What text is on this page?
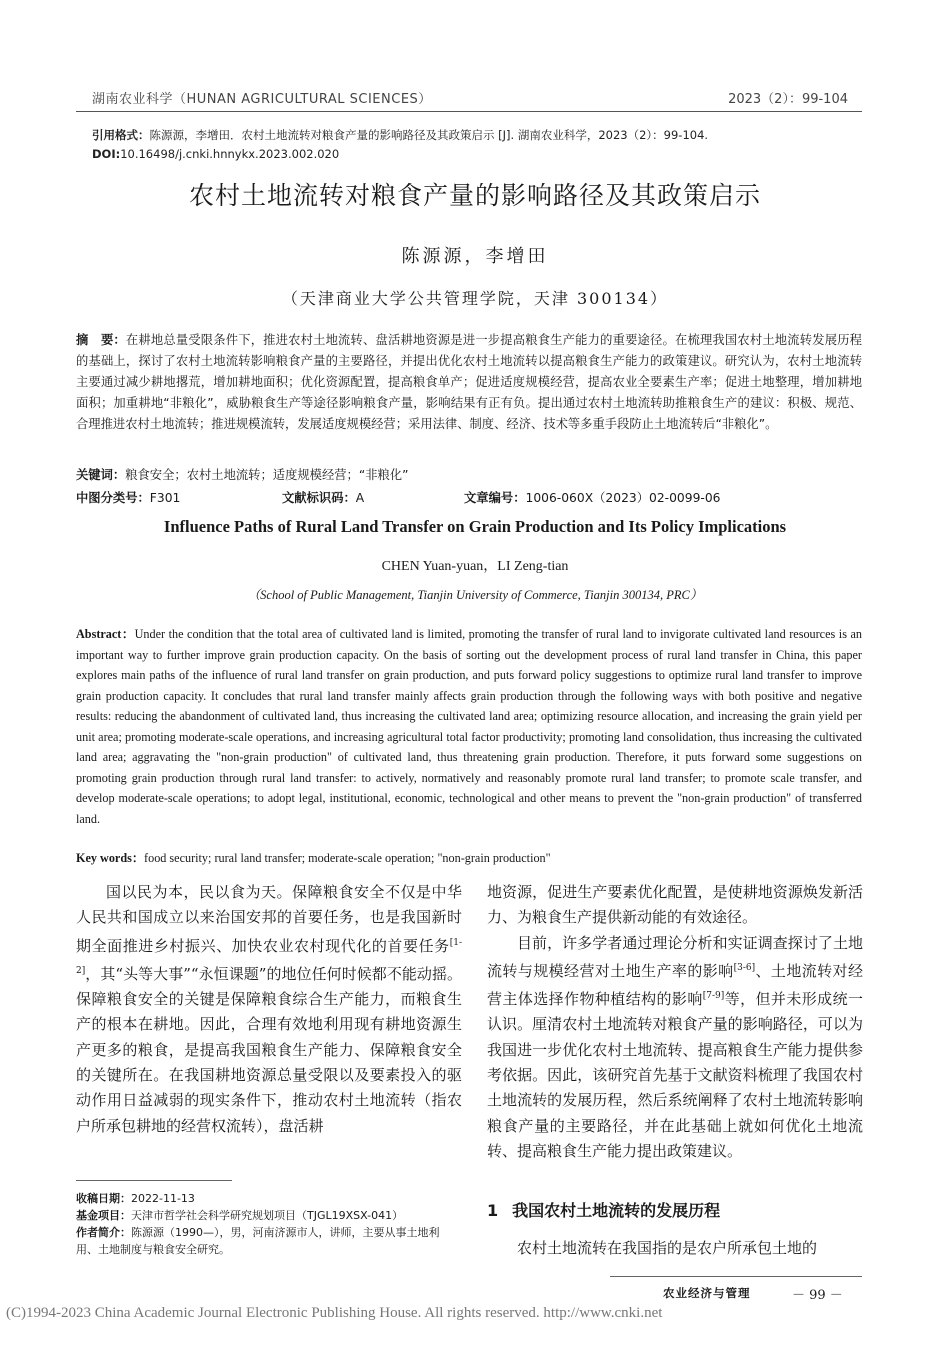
湖南农业科学（HUNAN AGRICULTURAL SCIENCES）	2023（2）：99-104
引用格式：陈源源，李增田．农村土地流转对粮食产量的影响路径及其政策启示 [J]. 湖南农业科学，2023（2）：99-104.
DOI:10.16498/j.cnki.hnnykx.2023.002.020
农村土地流转对粮食产量的影响路径及其政策启示
陈源源，李增田
（天津商业大学公共管理学院，天津 300134）
摘　要：在耕地总量受限条件下，推进农村土地流转、盘活耕地资源是进一步提高粮食生产能力的重要途径。在梳理我国农村土地流转发展历程的基础上，探讨了农村土地流转影响粮食产量的主要路径，并提出优化农村土地流转以提高粮食生产能力的政策建议。研究认为，农村土地流转主要通过减少耕地撂荒，增加耕地面积；优化资源配置，提高粮食单产；促进适度规模经营，提高农业全要素生产率；促进土地整理，增加耕地面积；加重耕地“非粮化”，威胁粮食生产等途径影响粮食产量，影响结果有正有负。提出通过农村土地流转助推粮食生产的建议：积极、规范、合理推进农村土地流转；推进规模流转，发展适度规模经营；采用法律、制度、经济、技术等多重手段防止土地流转后“非粮化”。
关键词：粮食安全；农村土地流转；适度规模经营；“非粮化”
中图分类号：F301	文献标识码：A	文章编号：1006-060X（2023）02-0099-06
Influence Paths of Rural Land Transfer on Grain Production and Its Policy Implications
CHEN Yuan-yuan，LI Zeng-tian
（School of Public Management, Tianjin University of Commerce, Tianjin 300134, PRC）
Abstract：Under the condition that the total area of cultivated land is limited, promoting the transfer of rural land to invigorate cultivated land resources is an important way to further improve grain production capacity. On the basis of sorting out the development process of rural land transfer in China, this paper explores main paths of the influence of rural land transfer on grain production, and puts forward policy suggestions to optimize rural land transfer to improve grain production capacity. It concludes that rural land transfer mainly affects grain production through the following ways with both positive and negative results: reducing the abandonment of cultivated land, thus increasing the cultivated land area; optimizing resource allocation, and increasing the grain yield per unit area; promoting moderate-scale operations, and increasing agricultural total factor productivity; promoting land consolidation, thus increasing the cultivated land area; aggravating the "non-grain production" of cultivated land, thus threatening grain production. Therefore, it puts forward some suggestions on promoting grain production through rural land transfer: to actively, normatively and reasonably promote rural land transfer; to promote scale transfer, and develop moderate-scale operations; to adopt legal, institutional, economic, technological and other means to prevent the "non-grain production" of transferred land.
Key words：food security; rural land transfer; moderate-scale operation; "non-grain production"

国以民为本，民以食为天。保障粮食安全不仅是中华人民共和国成立以来治国安邦的首要任务，也是我国新时期全面推进乡村振兴、加快农业农村现代化的首要任务[1-2]，其“头等大事”“永恒课题”的地位任何时候都不能动摇。保障粮食安全的关键是保障粮食综合生产能力，而粮食生产的根本在耕地。因此，合理有效地利用现有耕地资源生产更多的粮食，是提高我国粮食生产能力、保障粮食安全的关键所在。在我国耕地资源总量受限以及要素投入的驱动作用日益减弱的现实条件下，推动农村土地流转（指农户所承包耕地的经营权流转），盘活耕

地资源，促进生产要素优化配置，是使耕地资源焕发新活力、为粮食生产提供新动能的有效途径。

目前，许多学者通过理论分析和实证调查探讨了土地流转与规模经营对土地生产率的影响[3-6]、土地流转对经营主体选择作物种植结构的影响[7-9]等，但并未形成统一认识。厘清农村土地流转对粮食产量的影响路径，可以为我国进一步优化农村土地流转、提高粮食生产能力提供参考依据。因此，该研究首先基于文献资料梳理了我国农村土地流转的发展历程，然后系统阐释了农村土地流转影响粮食产量的主要路径，并在此基础上就如何优化土地流转、提高粮食生产能力提出政策建议。

收稿日期：2022-11-13
基金项目：天津市哲学社会科学研究规划项目（TJGL19XSX-041）
作者简介：陈源源（1990—），男，河南济源市人，讲师，主要从事土地利用、土地制度与粮食安全研究。
1 我国农村土地流转的发展历程
农村土地流转在我国指的是农户所承包土地的
农业经济与管理	－ 99 －
(C)1994-2023 China Academic Journal Electronic Publishing House. All rights reserved. http://www.cnki.net
